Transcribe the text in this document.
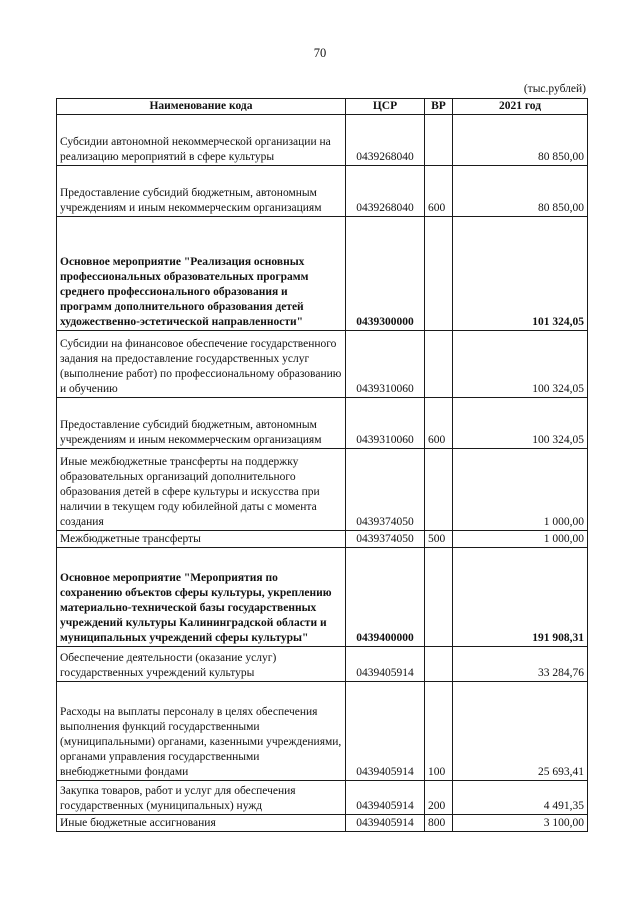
70
(тыс.рублей)
Наименование кода	ЦСР	ВР	2021 год
Субсидии автономной некоммерческой организации на реализацию мероприятий в сфере культуры	0439268040		80 850,00
Предоставление субсидий бюджетным, автономным учреждениям и иным некоммерческим организациям	0439268040	600	80 850,00
Основное мероприятие "Реализация основных профессиональных образовательных программ среднего профессионального образования и программ дополнительного образования детей художественно-эстетической направленности"	0439300000		101 324,05
Субсидии на финансовое обеспечение государственного задания на предоставление государственных услуг (выполнение работ) по профессиональному образованию и обучению	0439310060		100 324,05
Предоставление субсидий бюджетным, автономным учреждениям и иным некоммерческим организациям	0439310060	600	100 324,05
Иные межбюджетные трансферты на поддержку образовательных организаций дополнительного образования детей в сфере культуры и искусства при наличии в текущем году юбилейной даты с момента создания	0439374050		1 000,00
Межбюджетные трансферты	0439374050	500	1 000,00
Основное мероприятие "Мероприятия по сохранению объектов сферы культуры, укреплению материально-технической базы государственных учреждений культуры Калининградской области и муниципальных учреждений сферы культуры"	0439400000		191 908,31
Обеспечение деятельности (оказание услуг) государственных учреждений культуры	0439405914		33 284,76
Расходы на выплаты персоналу в целях обеспечения выполнения функций государственными (муниципальными) органами, казенными учреждениями, органами управления государственными внебюджетными фондами	0439405914	100	25 693,41
Закупка товаров, работ и услуг для обеспечения государственных (муниципальных) нужд	0439405914	200	4 491,35
Иные бюджетные ассигнования	0439405914	800	3 100,00
